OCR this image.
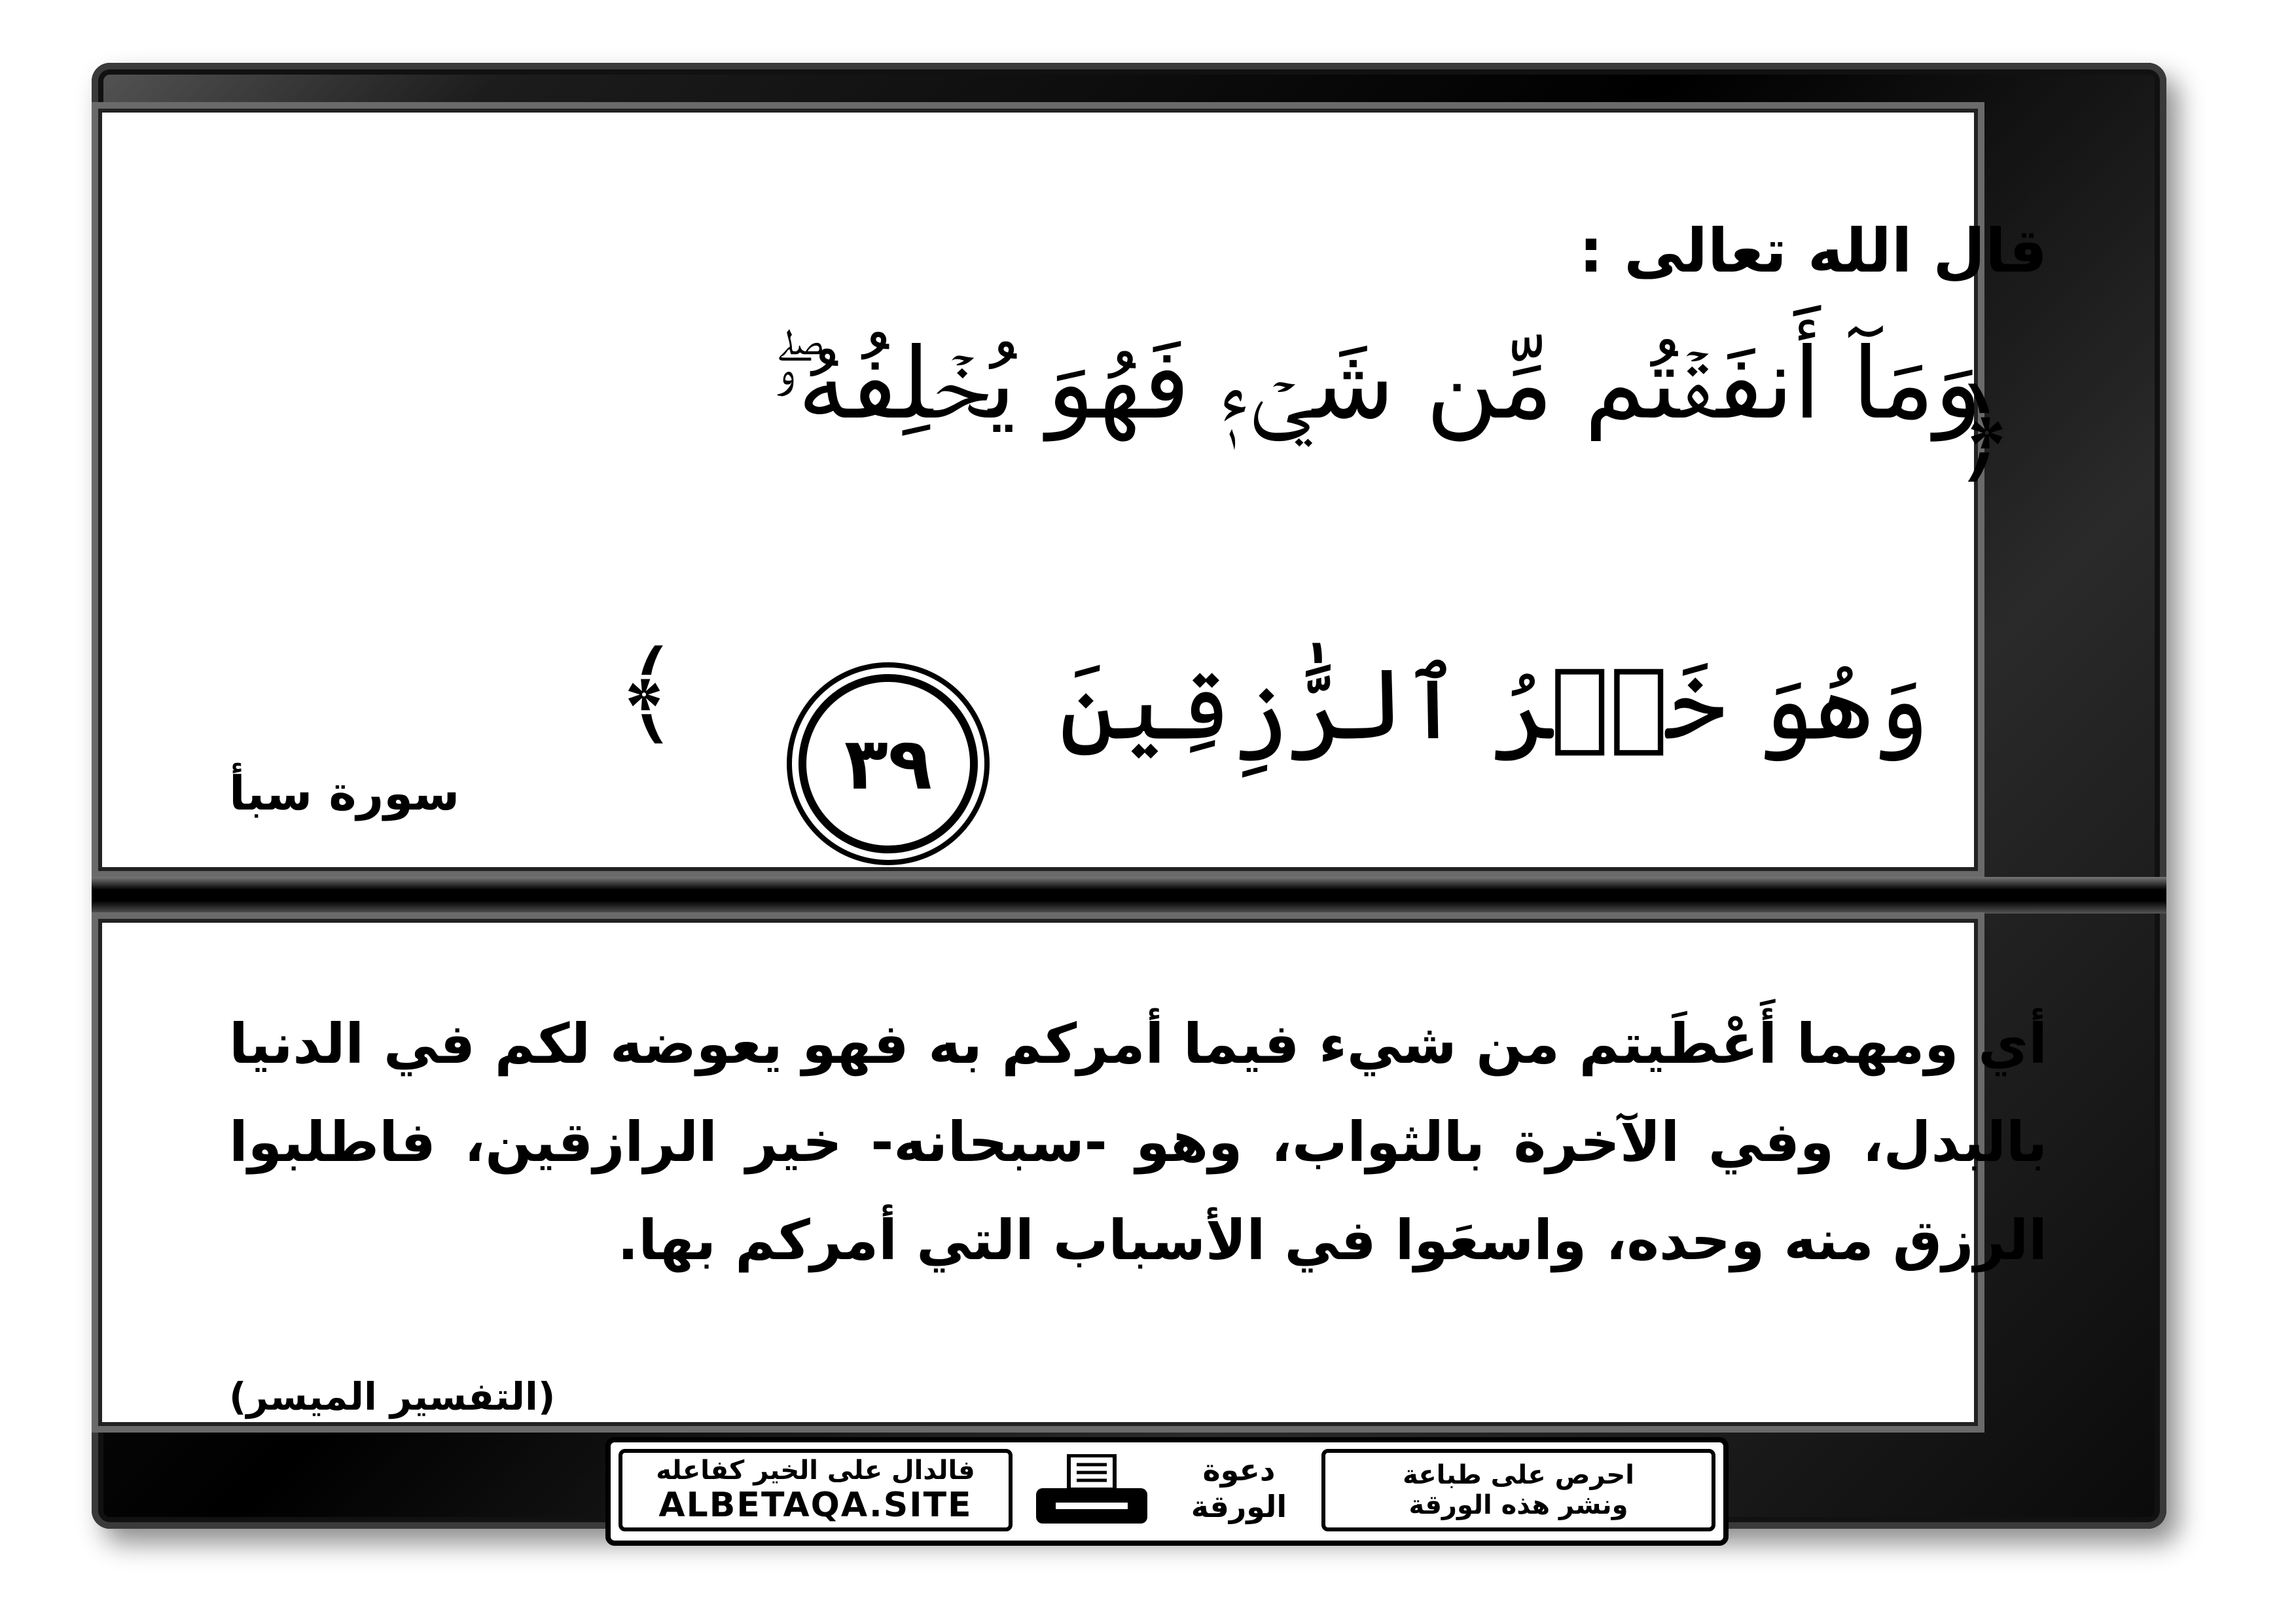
قال الله تعالى :
﴿
وَمَآ أَنفَقۡتُم مِّن شَيۡءٖ فَهُوَ يُخۡلِفُهُۥۖ
وَهُوَ خَيۡرُ ٱلرَّٰزِقِينَ
٣٩
﴾
سورة سبأ
أي ومهما أَعْطَيتم من شيء فيما أمركم به فهو يعوضه لكم في الدنيا بالبدل، وفي الآخرة بالثواب، وهو -سبحانه- خير الرازقين، فاطلبوا الرزق منه وحده، واسعَوا في الأسباب التي أمركم بها.
(التفسير الميسر)
فالدال على الخير كفاعله
ALBETAQA.SITE
دعوة
الورقة
احرص على طباعة
ونشر هذه الورقة
